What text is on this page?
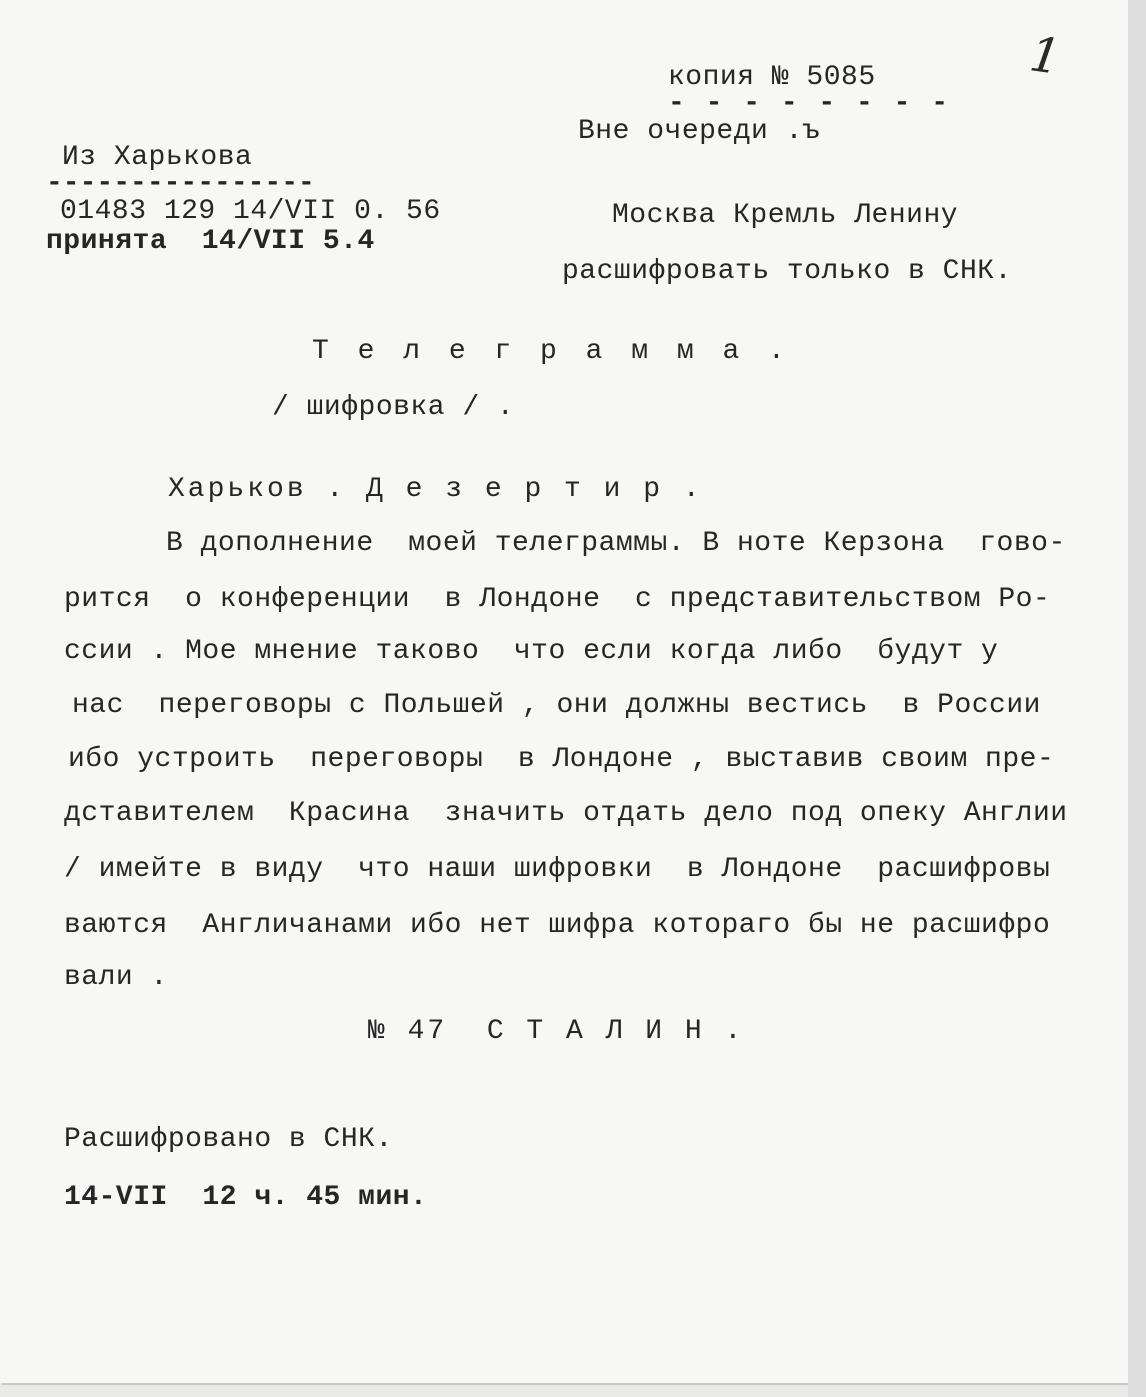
1
копия № 5085
- - - - - - - -
Вне очереди .ъ
Из Харькова
----------------
01483 129 14/VII 0. 56
принята  14/VII 5.4
Москва Кремль Ленину
расшифровать только в СНК.
Т е л е г р а м м а .
/ шифровка / .
Харьков . Д е з е р т и р .
В дополнение  моей телеграммы. В ноте Керзона  гово-
рится  о конференции  в Лондоне  с представительством Ро-
ссии . Мое мнение таково  что если когда либо  будут у
нас  переговоры с Польшей , они должны вестись  в России
ибо устроить  переговоры  в Лондоне , выставив своим пре-
дставителем  Красина  значить отдать дело под опеку Англии
/ имейте в виду  что наши шифровки  в Лондоне  расшифровы
ваются  Англичанами ибо нет шифра котораго бы не расшифро
вали .
№ 47  С Т А Л И Н .
Расшифровано в СНК.
14-VII  12 ч. 45 мин.
